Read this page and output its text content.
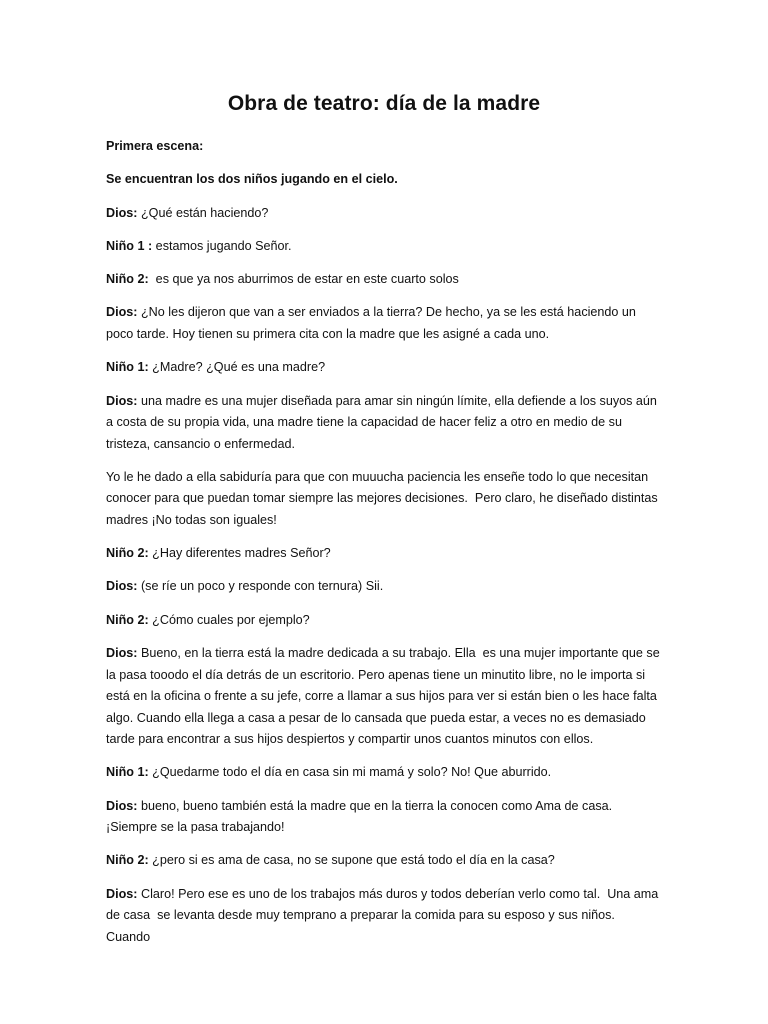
Obra de teatro: día de la madre
Primera escena:
Se encuentran los dos niños jugando en el cielo.
Dios: ¿Qué están haciendo?
Niño 1 : estamos jugando Señor.
Niño 2:  es que ya nos aburrimos de estar en este cuarto solos
Dios: ¿No les dijeron que van a ser enviados a la tierra? De hecho, ya se les está haciendo un poco tarde. Hoy tienen su primera cita con la madre que les asigné a cada uno.
Niño 1: ¿Madre? ¿Qué es una madre?
Dios: una madre es una mujer diseñada para amar sin ningún límite, ella defiende a los suyos aún a costa de su propia vida, una madre tiene la capacidad de hacer feliz a otro en medio de su tristeza, cansancio o enfermedad.
Yo le he dado a ella sabiduría para que con muuucha paciencia les enseñe todo lo que necesitan conocer para que puedan tomar siempre las mejores decisiones.  Pero claro, he diseñado distintas madres ¡No todas son iguales!
Niño 2: ¿Hay diferentes madres Señor?
Dios: (se ríe un poco y responde con ternura) Sii.
Niño 2: ¿Cómo cuales por ejemplo?
Dios: Bueno, en la tierra está la madre dedicada a su trabajo. Ella  es una mujer importante que se la pasa tooodo el día detrás de un escritorio. Pero apenas tiene un minutito libre, no le importa si está en la oficina o frente a su jefe, corre a llamar a sus hijos para ver si están bien o les hace falta algo. Cuando ella llega a casa a pesar de lo cansada que pueda estar, a veces no es demasiado tarde para encontrar a sus hijos despiertos y compartir unos cuantos minutos con ellos.
Niño 1: ¿Quedarme todo el día en casa sin mi mamá y solo? No! Que aburrido.
Dios: bueno, bueno también está la madre que en la tierra la conocen como Ama de casa. ¡Siempre se la pasa trabajando!
Niño 2: ¿pero si es ama de casa, no se supone que está todo el día en la casa?
Dios: Claro! Pero ese es uno de los trabajos más duros y todos deberían verlo como tal.  Una ama de casa  se levanta desde muy temprano a preparar la comida para su esposo y sus niños. Cuando
